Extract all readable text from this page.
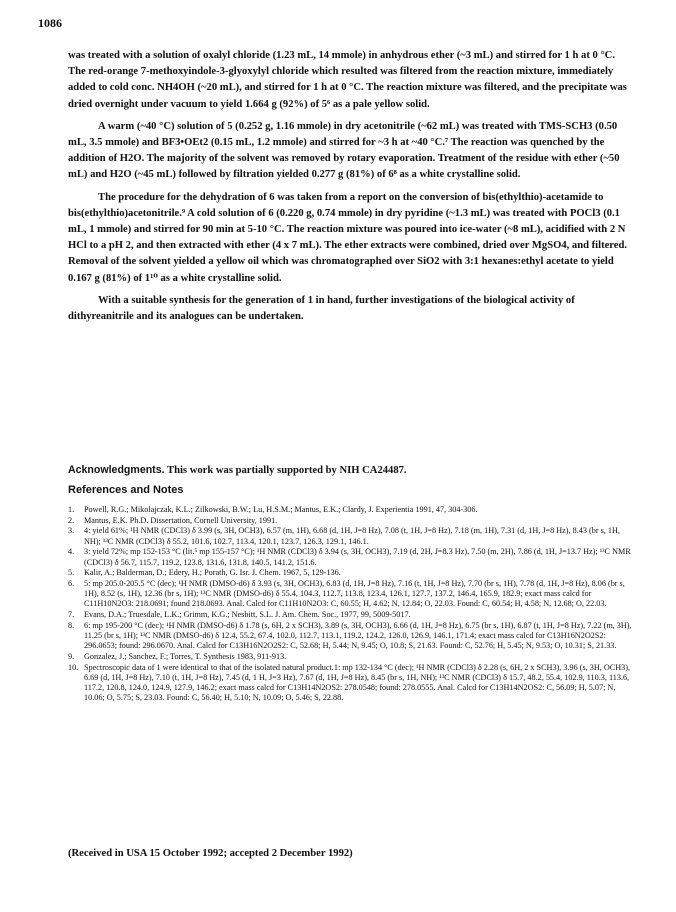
1086

was treated with a solution of oxalyl chloride (1.23 mL, 14 mmole) in anhydrous ether (~3 mL) and stirred for 1 h at 0 °C. The red-orange 7-methoxyindole-3-glyoxylyl chloride which resulted was filtered from the reaction mixture, immediately added to cold conc. NH4OH (~20 mL), and stirred for 1 h at 0 °C. The reaction mixture was filtered, and the precipitate was dried overnight under vacuum to yield 1.664 g (92%) of 5⁶ as a pale yellow solid.

A warm (~40 °C) solution of 5 (0.252 g, 1.16 mmole) in dry acetonitrile (~62 mL) was treated with TMS-SCH3 (0.50 mL, 3.5 mmole) and BF3•OEt2 (0.15 mL, 1.2 mmole) and stirred for ~3 h at ~40 °C.⁷ The reaction was quenched by the addition of H2O. The majority of the solvent was removed by rotary evaporation. Treatment of the residue with ether (~50 mL) and H2O (~45 mL) followed by filtration yielded 0.277 g (81%) of 6⁸ as a white crystalline solid.

The procedure for the dehydration of 6 was taken from a report on the conversion of bis(ethylthio)-acetamide to bis(ethylthio)acetonitrile.⁹ A cold solution of 6 (0.220 g, 0.74 mmole) in dry pyridine (~1.3 mL) was treated with POCl3 (0.1 mL, 1 mmole) and stirred for 90 min at 5-10 °C. The reaction mixture was poured into ice-water (~8 mL), acidified with 2 N HCl to a pH 2, and then extracted with ether (4 x 7 mL). The ether extracts were combined, dried over MgSO4, and filtered. Removal of the solvent yielded a yellow oil which was chromatographed over SiO2 with 3:1 hexanes:ethyl acetate to yield 0.167 g (81%) of 1¹⁰ as a white crystalline solid.

With a suitable synthesis for the generation of 1 in hand, further investigations of the biological activity of dithyreanitrile and its analogues can be undertaken.

Acknowledgments. This work was partially supported by NIH CA24487.
References and Notes
1.	Powell, R.G.; Mikolajczak, K.L.; Zilkowski, B.W.; Lu, H.S.M.; Mantus, E.K.; Clardy, J. Experientia 1991, 47, 304-306.
2.	Mantus, E.K. Ph.D. Dissertation, Cornell University, 1991.
3.	4: yield 61%; ¹H NMR (CDCl3) δ 3.99 (s, 3H, OCH3), 6.57 (m, 1H), 6.68 (d, 1H, J=8 Hz), 7.08 (t, 1H, J=8 Hz), 7.18 (m, 1H), 7.31 (d, 1H, J=8 Hz), 8.43 (br s, 1H, NH); ¹³C NMR (CDCl3) δ 55.2, 101.6, 102.7, 113.4, 120.1, 123.7, 126.3, 129.1, 146.1.
4.	3: yield 72%; mp 152-153 °C (lit.⁵ mp 155-157 °C); ¹H NMR (CDCl3) δ 3.94 (s, 3H, OCH3), 7.19 (d, 2H, J=8.3 Hz), 7.50 (m, 2H), 7.86 (d, 1H, J=13.7 Hz); ¹³C NMR (CDCl3) δ 56.7, 115.7, 119.2, 123.8, 131.6, 131.8, 140.5, 141.2, 151.6.
5.	Kalir, A.; Balderman, D.; Edery, H.; Porath, G. Isr. J. Chem. 1967, 5, 129-136.
6.	5: mp 205.0-205.5 °C (dec); ¹H NMR (DMSO-d6) δ 3.93 (s, 3H, OCH3), 6.83 (d, 1H, J=8 Hz), 7.16 (t, 1H, J=8 Hz), 7.70 (br s, 1H), 7.78 (d, 1H, J=8 Hz), 8.06 (br s, 1H), 8.52 (s, 1H), 12.36 (br s, 1H); ¹³C NMR (DMSO-d6) δ 55.4, 104.3, 112.7, 113.8, 123.4, 126.1, 127.7, 137.2, 146.4, 165.9, 182.9; exact mass calcd for C11H10N2O3: 218.0691; found 218.0693. Anal. Calcd for C11H10N2O3: C, 60.55; H, 4.62; N, 12.84; O, 22.03. Found: C, 60.54; H, 4.58; N, 12.68; O, 22.03.
7.	Evans, D.A.; Truesdale, L.K.; Grimm, K.G.; Nesbitt, S.L. J. Am. Chem. Soc., 1977, 99, 5009-5017.
8.	6: mp 195-200 °C (dec); ¹H NMR (DMSO-d6) δ 1.78 (s, 6H, 2 x SCH3), 3.89 (s, 3H, OCH3), 6.66 (d, 1H, J=8 Hz), 6.75 (br s, 1H), 6.87 (t, 1H, J=8 Hz), 7.22 (m, 3H), 11.25 (br s, 1H); ¹³C NMR (DMSO-d6) δ 12.4, 55.2, 67.4, 102.0, 112.7, 113.1, 119.2, 124.2, 126.0, 126.9, 146.1, 171.4; exact mass calcd for C13H16N2O2S2: 296.0653; found: 296.0670. Anal. Calcd for C13H16N2O2S2: C, 52.68; H, 5.44; N, 9.45; O, 10.8; S, 21.63. Found: C, 52.76; H, 5.45; N, 9.53; O, 10.31; S, 21.33.
9.	Gonzalez, J.; Sanchez, F.; Torres, T. Synthesis 1983, 911-913.
10. Spectroscopic data of 1 were identical to that of the isolated natural product.1: mp 132-134 °C (dec); ¹H NMR (CDCl3) δ 2.28 (s, 6H, 2 x SCH3), 3.96 (s, 3H, OCH3), 6.69 (d, 1H, J=8 Hz), 7.10 (t, 1H, J=8 Hz), 7.45 (d, 1 H, J=3 Hz), 7.67 (d, 1H, J=8 Hz), 8.45 (br s, 1H, NH); ¹³C NMR (CDCl3) δ 15.7, 48.2, 55.4, 102.9, 110.3, 113.6, 117.2, 120.8, 124.0, 124.9, 127.9, 146.2; exact mass calcd for C13H14N2OS2: 278.0548; found: 278.0555. Anal. Calcd for C13H14N2OS2: C, 56.09; H, 5.07; N, 10.06; O, 5.75; S, 23.03. Found: C, 56.40; H, 5.10; N, 10.09; O, 5.46; S, 22.88.
(Received in USA 15 October 1992; accepted 2 December 1992)
